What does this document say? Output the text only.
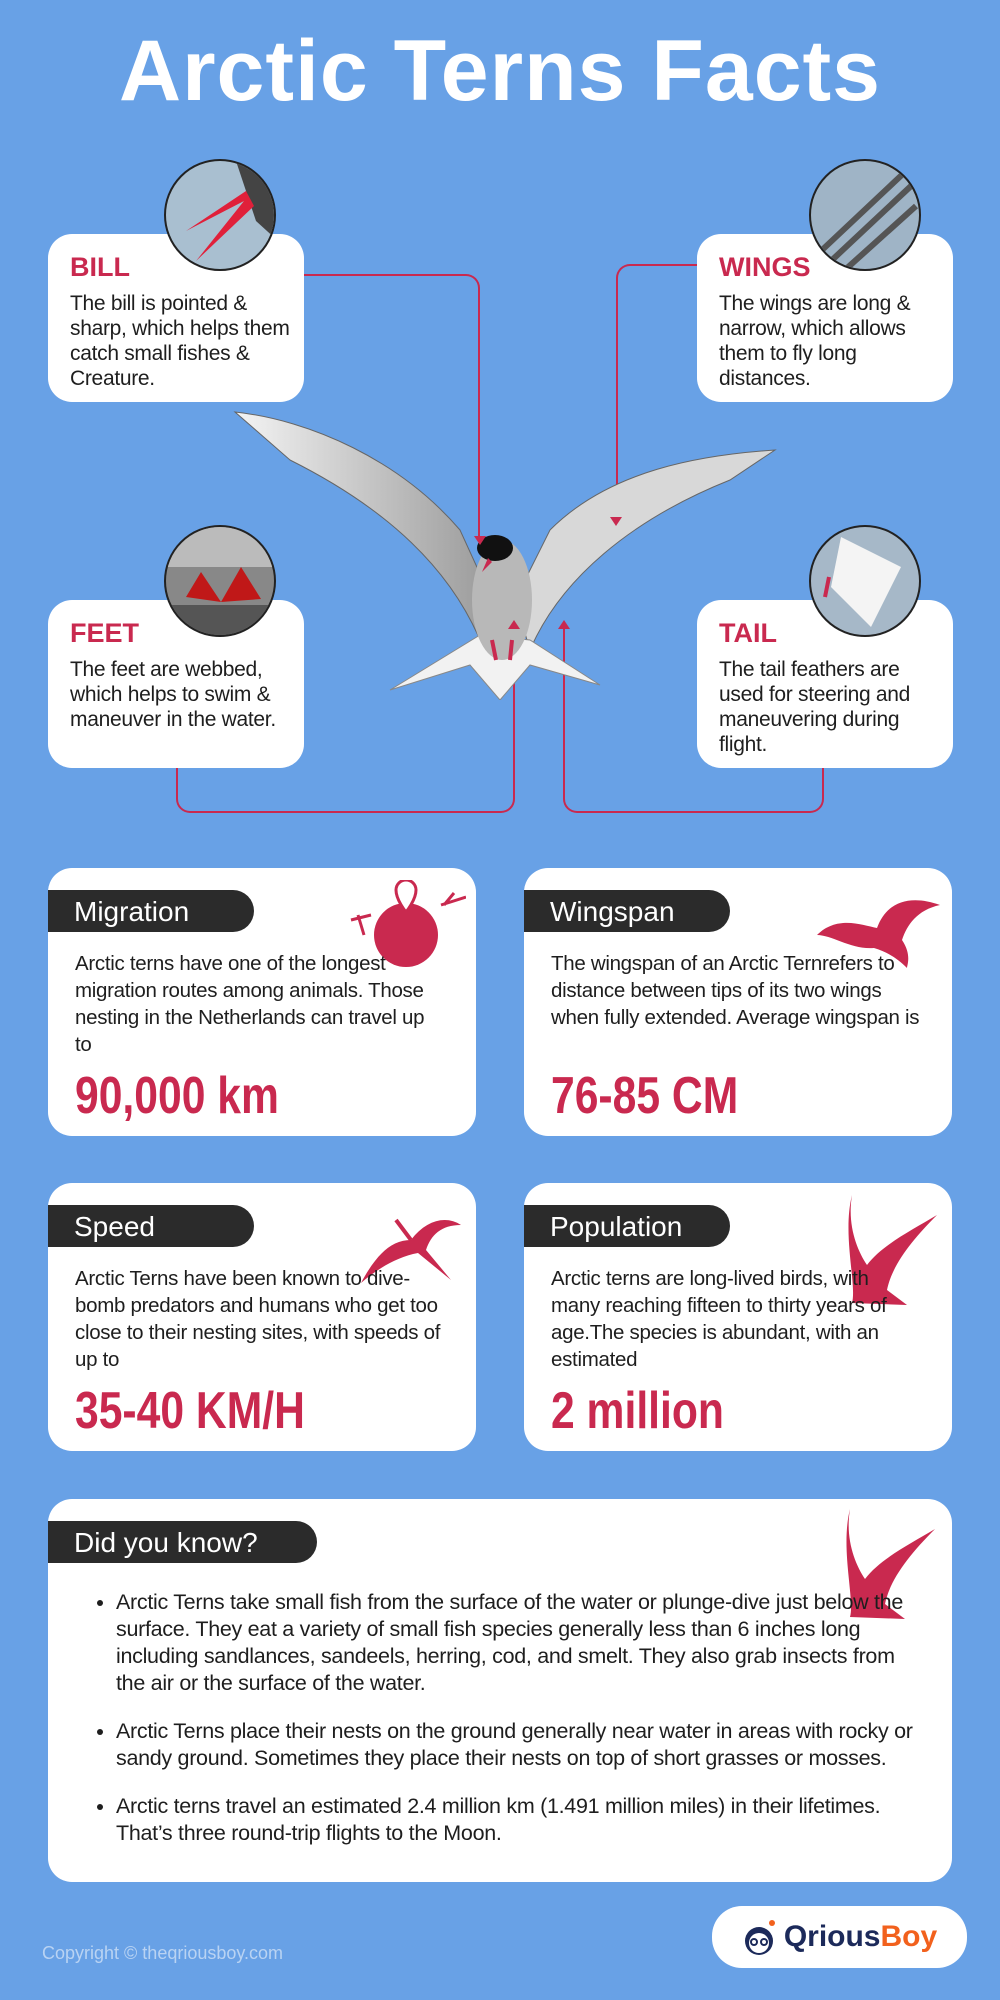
Arctic Terns Facts
BILL

The bill is pointed & sharp, which helps them catch small fishes & Creature.

WINGS

The wings are long & narrow, which allows them to fly long distances.

FEET

The feet are webbed, which helps to swim & maneuver in the water.

TAIL

The tail feathers are used for steering and maneuvering during flight.

Migration

Arctic terns have one of the longest migration routes among animals. Those nesting in the Netherlands can travel up to

90,000 km
Wingspan

The wingspan of an Arctic Ternrefers to distance between tips of its two wings when fully extended. Average wingspan is

76-85 CM
Speed

Arctic Terns have been known to dive-bomb predators and humans who get too close to their nesting sites, with speeds of up to

35-40 KM/H
Population

Arctic terns are long-lived birds, with many reaching fifteen to thirty years of age.The species is abundant, with an estimated

2 million
Did you know?
• Arctic Terns take small fish from the surface of the water or plunge-dive just below the surface. They eat a variety of small fish species generally less than 6 inches long including sandlances, sandeels, herring, cod, and smelt. They also grab insects from the air or the surface of the water.
• Arctic Terns place their nests on the ground generally near water in areas with rocky or sandy ground. Sometimes they place their nests on top of short grasses or mosses.
• Arctic terns travel an estimated 2.4 million km (1.491 million miles) in their lifetimes. That’s three round-trip flights to the Moon.
Copyright © theqriousboy.com	QriousBoy
